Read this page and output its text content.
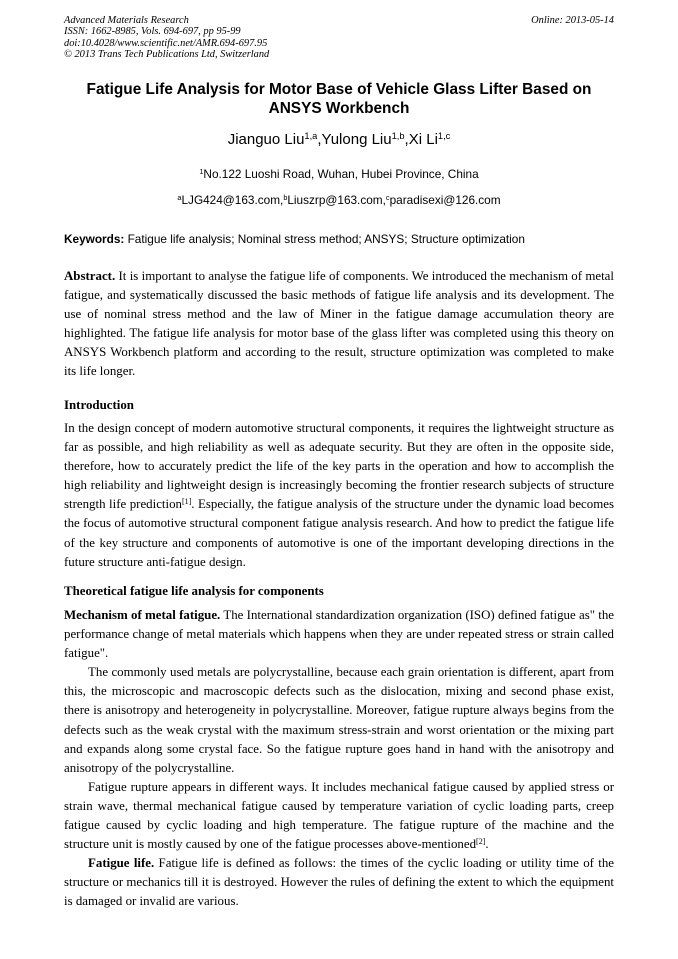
Advanced Materials Research
ISSN: 1662-8985, Vols. 694-697, pp 95-99
doi:10.4028/www.scientific.net/AMR.694-697.95
© 2013 Trans Tech Publications Ltd, Switzerland
Online: 2013-05-14
Fatigue Life Analysis for Motor Base of Vehicle Glass Lifter Based on ANSYS Workbench
Jianguo Liu$^{1,a}$,Yulong Liu$^{1,b}$,Xi Li$^{1,c}$
$^1$No.122 Luoshi Road, Wuhan, Hubei Province, China
$^a$LJG424@163.com,$^b$Liuszrp@163.com,$^c$paradisexi@126.com
Keywords: Fatigue life analysis; Nominal stress method; ANSYS; Structure optimization

Abstract. It is important to analyse the fatigue life of components. We introduced the mechanism of metal fatigue, and systematically discussed the basic methods of fatigue life analysis and its development. The use of nominal stress method and the law of Miner in the fatigue damage accumulation theory are highlighted. The fatigue life analysis for motor base of the glass lifter was completed using this theory on ANSYS Workbench platform and according to the result, structure optimization was completed to make its life longer.

Introduction

In the design concept of modern automotive structural components, it requires the lightweight structure as far as possible, and high reliability as well as adequate security. But they are often in the opposite side, therefore, how to accurately predict the life of the key parts in the operation and how to accomplish the high reliability and lightweight design is increasingly becoming the frontier research subjects of structure strength life prediction[1]. Especially, the fatigue analysis of the structure under the dynamic load becomes the focus of automotive structural component fatigue analysis research. And how to predict the fatigue life of the key structure and components of automotive is one of the important developing directions in the future structure anti-fatigue design.

Theoretical fatigue life analysis for components

Mechanism of metal fatigue. The International standardization organization (ISO) defined fatigue as" the performance change of metal materials which happens when they are under repeated stress or strain called fatigue".

The commonly used metals are polycrystalline, because each grain orientation is different, apart from this, the microscopic and macroscopic defects such as the dislocation, mixing and second phase exist, there is anisotropy and heterogeneity in polycrystalline. Moreover, fatigue rupture always begins from the defects such as the weak crystal with the maximum stress-strain and worst orientation or the mixing part and expands along some crystal face. So the fatigue rupture goes hand in hand with the anisotropy and anisotropy of the polycrystalline.

Fatigue rupture appears in different ways. It includes mechanical fatigue caused by applied stress or strain wave, thermal mechanical fatigue caused by temperature variation of cyclic loading parts, creep fatigue caused by cyclic loading and high temperature. The fatigue rupture of the machine and the structure unit is mostly caused by one of the fatigue processes above-mentioned[2].

Fatigue life. Fatigue life is defined as follows: the times of the cyclic loading or utility time of the structure or mechanics till it is destroyed. However the rules of defining the extent to which the equipment is damaged or invalid are various.
